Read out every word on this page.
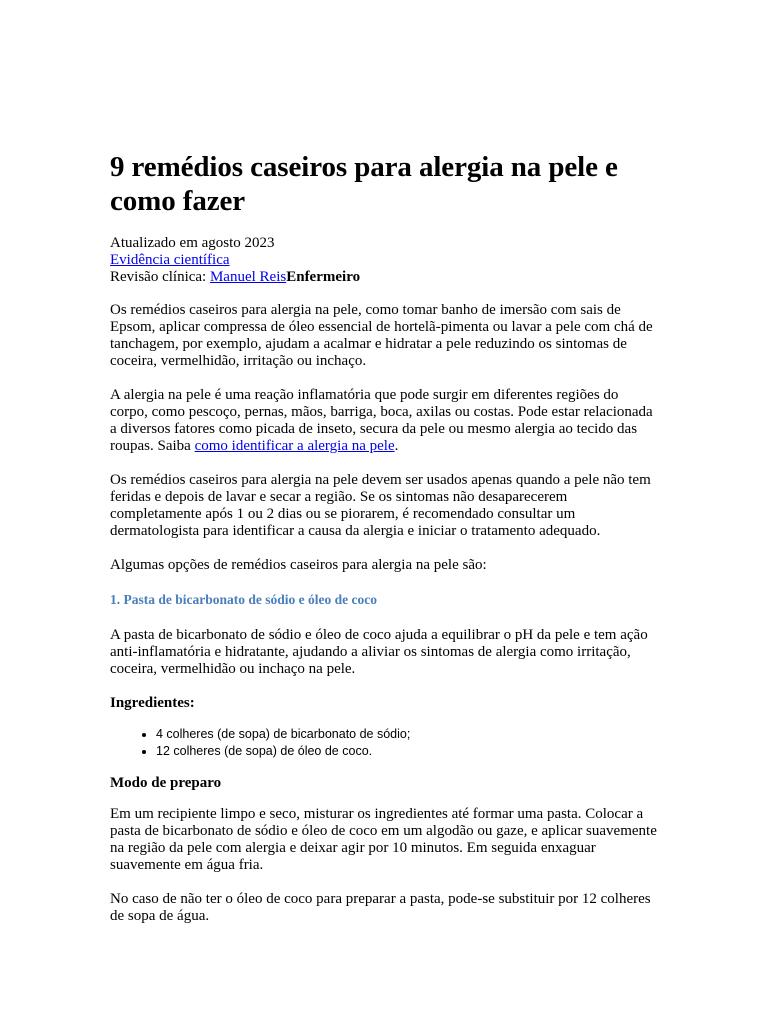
9 remédios caseiros para alergia na pele e como fazer
Atualizado em agosto 2023
Evidência científica
Revisão clínica: Manuel ReisEnfermeiro

Os remédios caseiros para alergia na pele, como tomar banho de imersão com sais de Epsom, aplicar compressa de óleo essencial de hortelã-pimenta ou lavar a pele com chá de tanchagem, por exemplo, ajudam a acalmar e hidratar a pele reduzindo os sintomas de coceira, vermelhidão, irritação ou inchaço.

A alergia na pele é uma reação inflamatória que pode surgir em diferentes regiões do corpo, como pescoço, pernas, mãos, barriga, boca, axilas ou costas. Pode estar relacionada a diversos fatores como picada de inseto, secura da pele ou mesmo alergia ao tecido das roupas. Saiba como identificar a alergia na pele.

Os remédios caseiros para alergia na pele devem ser usados apenas quando a pele não tem feridas e depois de lavar e secar a região. Se os sintomas não desaparecerem completamente após 1 ou 2 dias ou se piorarem, é recomendado consultar um dermatologista para identificar a causa da alergia e iniciar o tratamento adequado.

Algumas opções de remédios caseiros para alergia na pele são:

1. Pasta de bicarbonato de sódio e óleo de coco

A pasta de bicarbonato de sódio e óleo de coco ajuda a equilibrar o pH da pele e tem ação anti-inflamatória e hidratante, ajudando a aliviar os sintomas de alergia como irritação, coceira, vermelhidão ou inchaço na pele.

Ingredientes:
• 4 colheres (de sopa) de bicarbonato de sódio;
• 12 colheres (de sopa) de óleo de coco.
Modo de preparo

Em um recipiente limpo e seco, misturar os ingredientes até formar uma pasta. Colocar a pasta de bicarbonato de sódio e óleo de coco em um algodão ou gaze, e aplicar suavemente na região da pele com alergia e deixar agir por 10 minutos. Em seguida enxaguar suavemente em água fria.

No caso de não ter o óleo de coco para preparar a pasta, pode-se substituir por 12 colheres de sopa de água.
